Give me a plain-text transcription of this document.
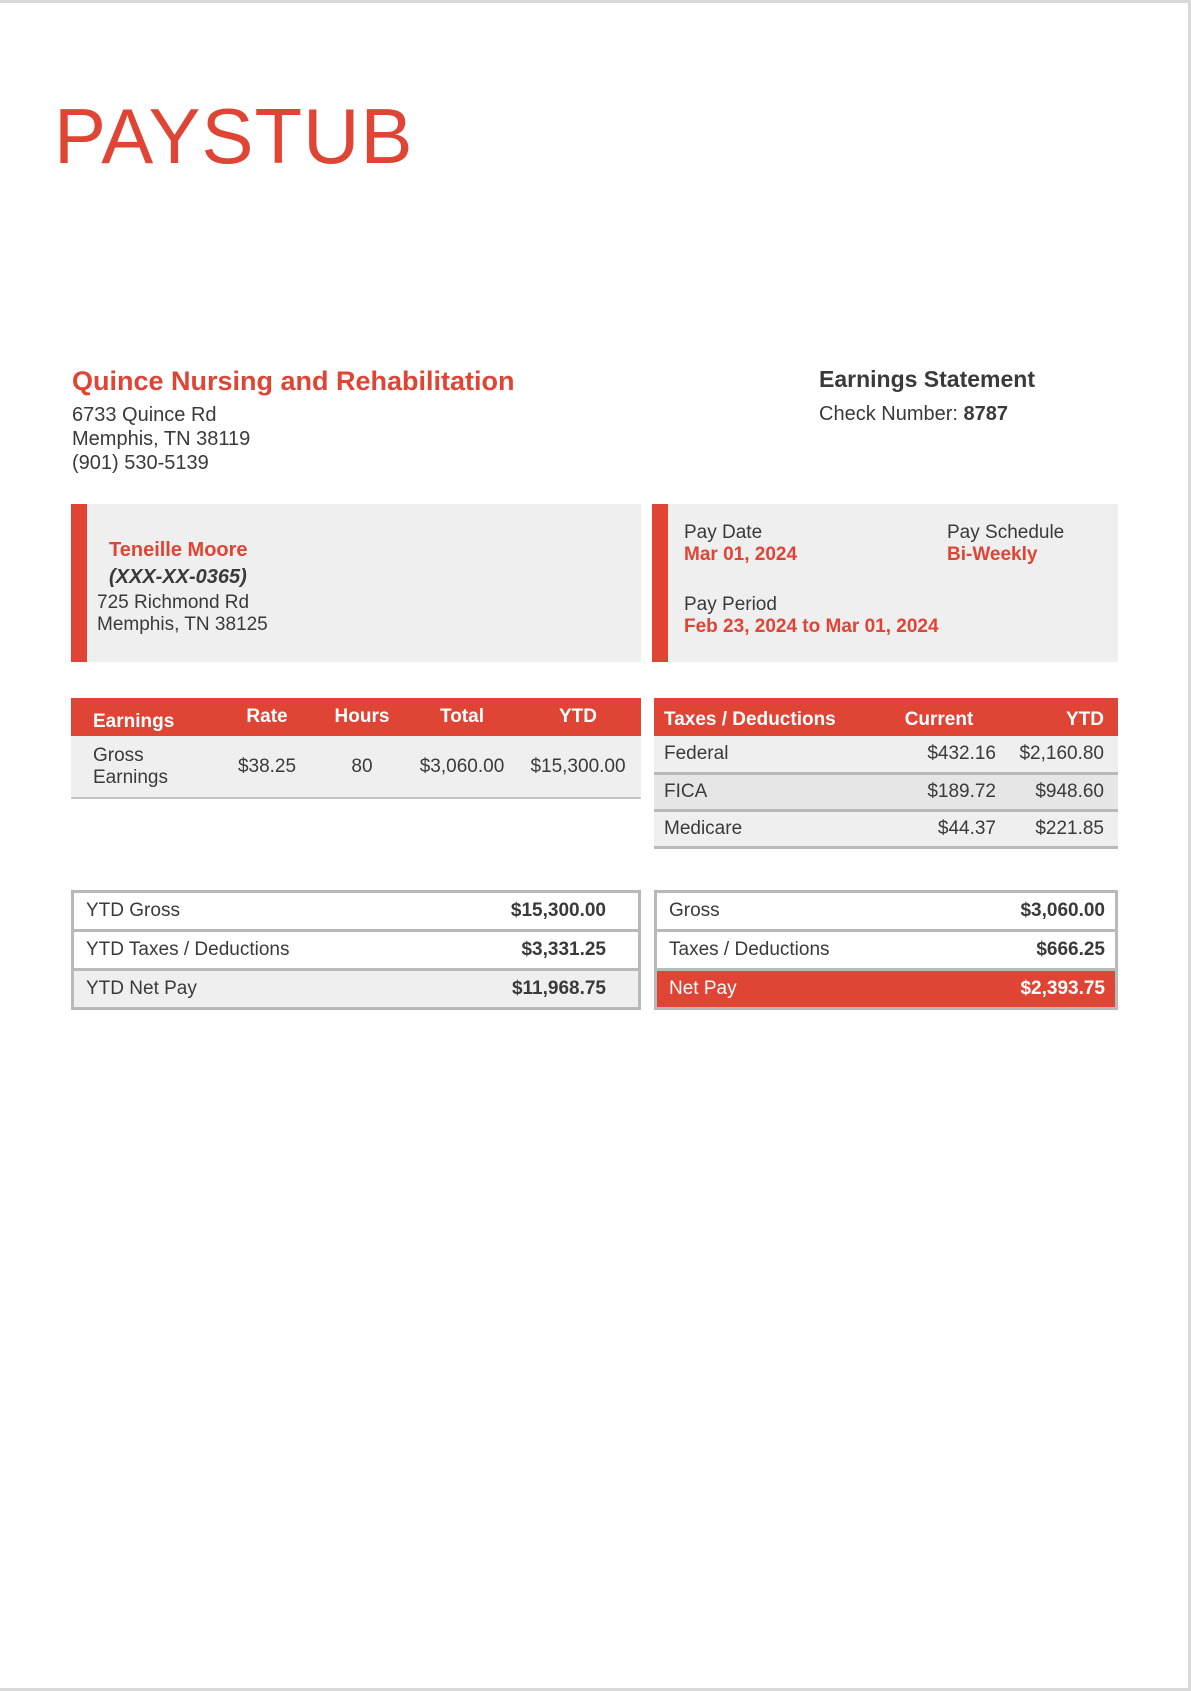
PAYSTUB
Quince Nursing and Rehabilitation
6733 Quince Rd
Memphis, TN 38119
(901) 530-5139
Earnings Statement
Check Number: 8787
Teneille Moore
(XXX-XX-0365)
725 Richmond Rd
Memphis, TN 38125
Pay Date
Mar 01, 2024
Pay Schedule
Bi-Weekly
Pay Period
Feb 23, 2024 to Mar 01, 2024
Earnings	Rate	Hours	Total	YTD

Gross
Earnings	$38.25	80	$3,060.00	$15,300.00
Taxes / Deductions	Current	YTD
Federal	$432.16	$2,160.80
FICA	$189.72	$948.60
Medicare	$44.37	$221.85
YTD Gross	$15,300.00
YTD Taxes / Deductions	$3,331.25
YTD Net Pay	$11,968.75
Gross	$3,060.00
Taxes / Deductions	$666.25
Net Pay	$2,393.75
